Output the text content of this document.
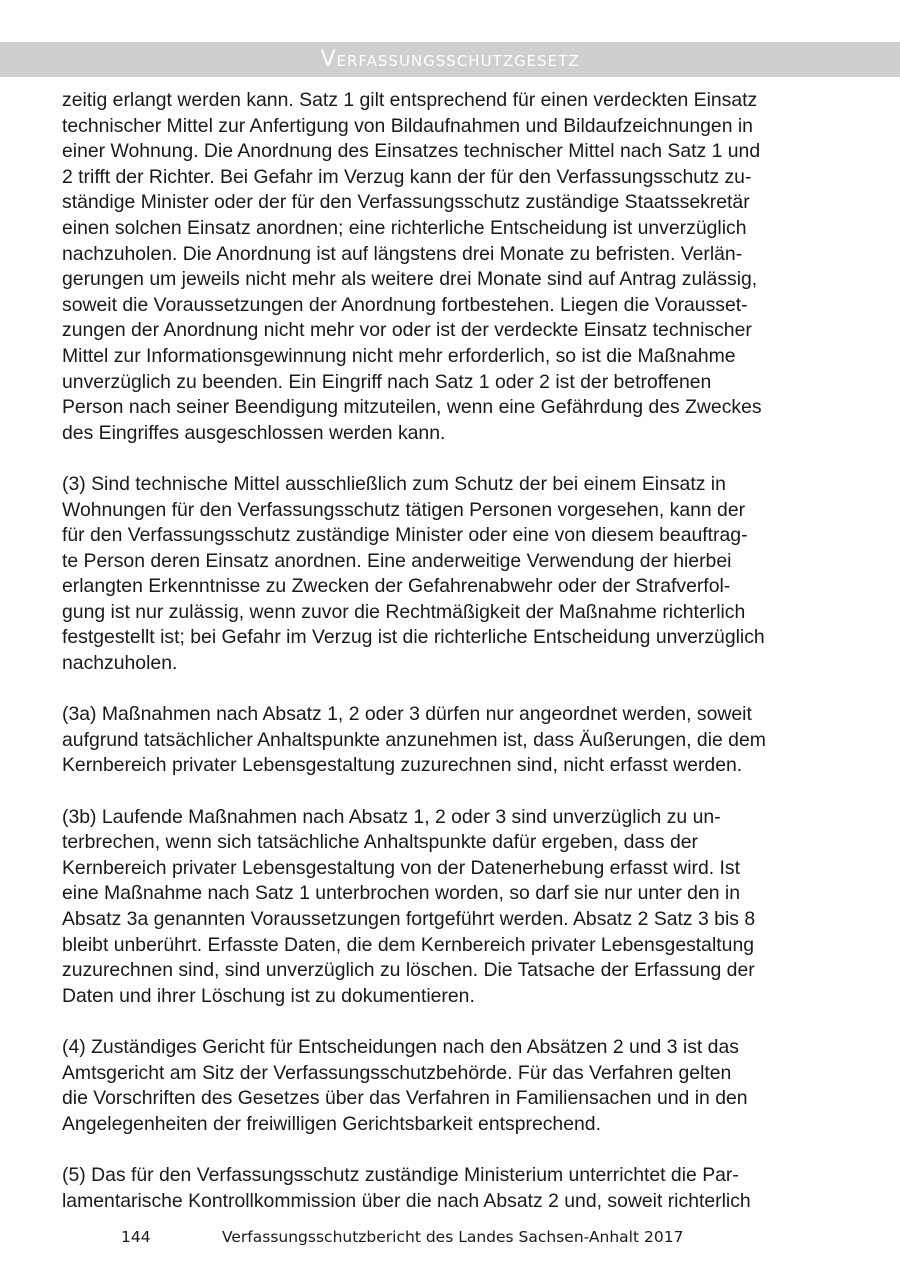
Verfassungsschutzgesetz
zeitig erlangt werden kann. Satz 1 gilt entsprechend für einen verdeckten Einsatz
technischer Mittel zur Anfertigung von Bildaufnahmen und Bildaufzeichnungen in
einer Wohnung. Die Anordnung des Einsatzes technischer Mittel nach Satz 1 und
2 trifft der Richter. Bei Gefahr im Verzug kann der für den Verfassungsschutz zu-
ständige Minister oder der für den Verfassungsschutz zuständige Staatssekretär
einen solchen Einsatz anordnen; eine richterliche Entscheidung ist unverzüglich
nachzuholen. Die Anordnung ist auf längstens drei Monate zu befristen. Verlän-
gerungen um jeweils nicht mehr als weitere drei Monate sind auf Antrag zulässig,
soweit die Voraussetzungen der Anordnung fortbestehen. Liegen die Vorausset-
zungen der Anordnung nicht mehr vor oder ist der verdeckte Einsatz technischer
Mittel zur Informationsgewinnung nicht mehr erforderlich, so ist die Maßnahme
unverzüglich zu beenden. Ein Eingriff nach Satz 1 oder 2 ist der betroffenen
Person nach seiner Beendigung mitzuteilen, wenn eine Gefährdung des Zweckes
des Eingriffes ausgeschlossen werden kann.
(3) Sind technische Mittel ausschließlich zum Schutz der bei einem Einsatz in
Wohnungen für den Verfassungsschutz tätigen Personen vorgesehen, kann der
für den Verfassungsschutz zuständige Minister oder eine von diesem beauftrag-
te Person deren Einsatz anordnen. Eine anderweitige Verwendung der hierbei
erlangten Erkenntnisse zu Zwecken der Gefahrenabwehr oder der Strafverfol-
gung ist nur zulässig, wenn zuvor die Rechtmäßigkeit der Maßnahme richterlich
festgestellt ist; bei Gefahr im Verzug ist die richterliche Entscheidung unverzüglich
nachzuholen.
(3a) Maßnahmen nach Absatz 1, 2 oder 3 dürfen nur angeordnet werden, soweit
aufgrund tatsächlicher Anhaltspunkte anzunehmen ist, dass Äußerungen, die dem
Kernbereich privater Lebensgestaltung zuzurechnen sind, nicht erfasst werden.
(3b) Laufende Maßnahmen nach Absatz 1, 2 oder 3 sind unverzüglich zu un-
terbrechen, wenn sich tatsächliche Anhaltspunkte dafür ergeben, dass der
Kernbereich privater Lebensgestaltung von der Datenerhebung erfasst wird. Ist
eine Maßnahme nach Satz 1 unterbrochen worden, so darf sie nur unter den in
Absatz 3a genannten Voraussetzungen fortgeführt werden. Absatz 2 Satz 3 bis 8
bleibt unberührt. Erfasste Daten, die dem Kernbereich privater Lebensgestaltung
zuzurechnen sind, sind unverzüglich zu löschen. Die Tatsache der Erfassung der
Daten und ihrer Löschung ist zu dokumentieren.
(4) Zuständiges Gericht für Entscheidungen nach den Absätzen 2 und 3 ist das
Amtsgericht am Sitz der Verfassungsschutzbehörde. Für das Verfahren gelten
die Vorschriften des Gesetzes über das Verfahren in Familiensachen und in den
Angelegenheiten der freiwilligen Gerichtsbarkeit entsprechend.
(5) Das für den Verfassungsschutz zuständige Ministerium unterrichtet die Par-
lamentarische Kontrollkommission über die nach Absatz 2 und, soweit richterlich
144	Verfassungsschutzbericht des Landes Sachsen-Anhalt 2017
